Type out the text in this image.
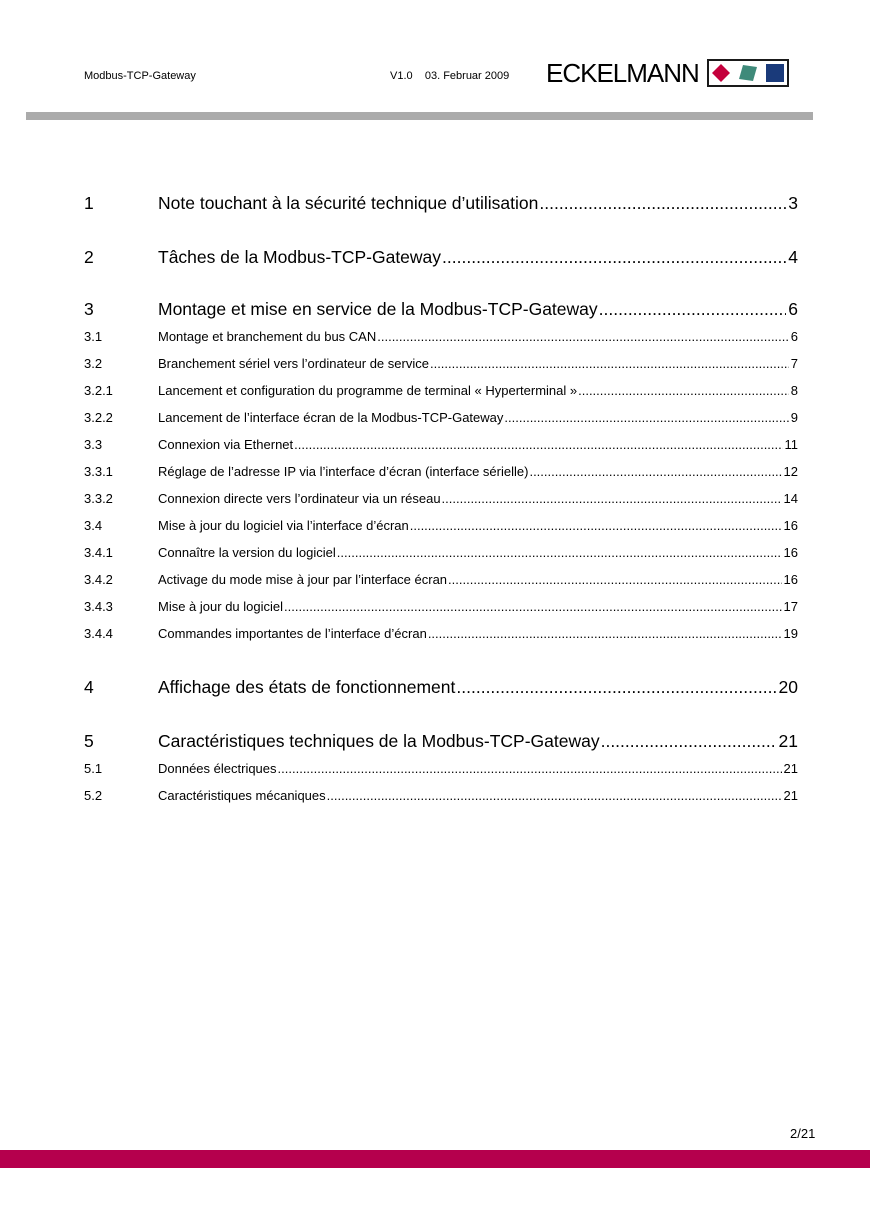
Modbus-TCP-Gateway	V1.0    03. Februar 2009 ECKELMANN
1	Note touchant à la sécurité technique d’utilisation .....	3
2	Tâches de la Modbus-TCP-Gateway .....	4
3	Montage et mise en service de la Modbus-TCP-Gateway .....	6
3.1	Montage et branchement du bus CAN .....	6
3.2	Branchement sériel vers l’ordinateur de service .....	7
3.2.1	Lancement et configuration du programme de terminal « Hyperterminal » .....	8
3.2.2	Lancement de l’interface écran de la Modbus-TCP-Gateway .....	9
3.3	Connexion via Ethernet .....	11
3.3.1	Réglage de l’adresse IP via l’interface d’écran (interface sérielle) .....	12
3.3.2	Connexion directe vers l’ordinateur via un réseau .....	14
3.4	Mise à jour du logiciel via l’interface d’écran .....	16
3.4.1	Connaître la version du logiciel .....	16
3.4.2	Activage du mode mise à jour par l’interface écran .....	16
3.4.3	Mise à jour du logiciel .....	17
3.4.4	Commandes importantes de l’interface d’écran .....	19
4	Affichage des états de fonctionnement .....	20
5	Caractéristiques techniques de la Modbus-TCP-Gateway .....	21
5.1	Données électriques .....	21
5.2	Caractéristiques mécaniques .....	21
2/21
